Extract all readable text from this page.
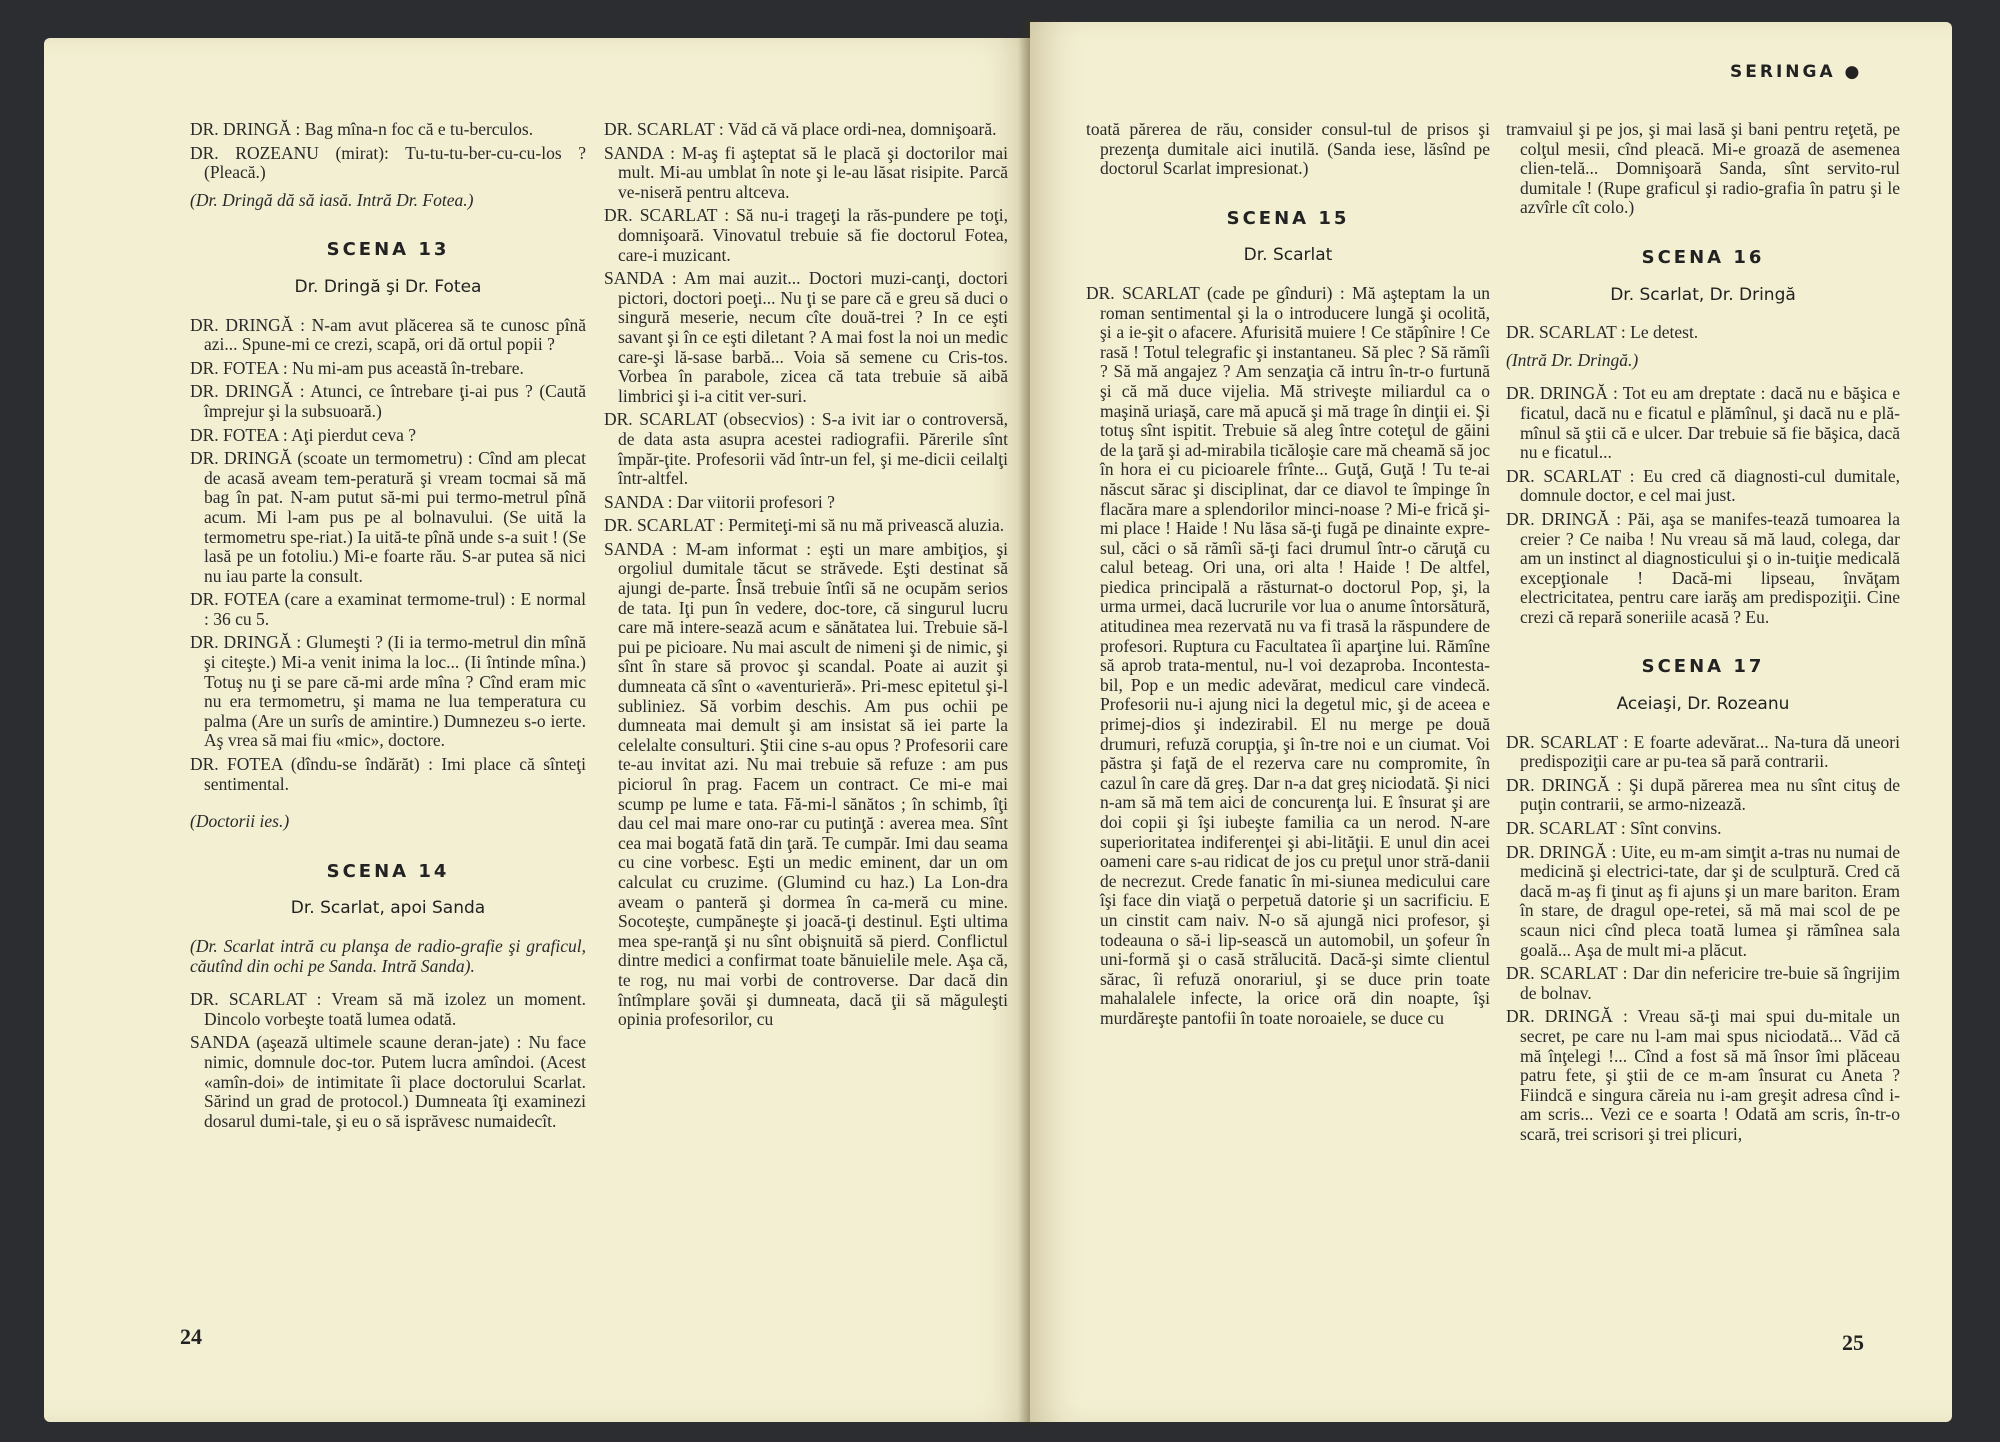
DR. DRINGĂ : Bag mîna-n foc că e tu-berculos.

DR. ROZEANU (mirat): Tu-tu-tu-ber-cu-cu-los ? (Pleacă.)

(Dr. Dringă dă să iasă. Intră Dr. Fotea.)

SCENA 13
Dr. Dringă şi Dr. Fotea

DR. DRINGĂ : N-am avut plăcerea să te cunosc pînă azi... Spune-mi ce crezi, scapă, ori dă ortul popii ?

DR. FOTEA : Nu mi-am pus această în-trebare.

DR. DRINGĂ : Atunci, ce întrebare ţi-ai pus ? (Caută împrejur şi la subsuoară.)

DR. FOTEA : Aţi pierdut ceva ?

DR. DRINGĂ (scoate un termometru) : Cînd am plecat de acasă aveam tem-peratură şi vream tocmai să mă bag în pat. N-am putut să-mi pui termo-metrul pînă acum. Mi l-am pus pe al bolnavului. (Se uită la termometru spe-riat.) Ia uită-te pînă unde s-a suit ! (Se lasă pe un fotoliu.) Mi-e foarte rău. S-ar putea să nici nu iau parte la consult.

DR. FOTEA (care a examinat termome-trul) : E normal : 36 cu 5.

DR. DRINGĂ : Glumeşti ? (Ii ia termo-metrul din mînă şi citeşte.) Mi-a venit inima la loc... (Ii întinde mîna.) Totuş nu ţi se pare că-mi arde mîna ? Cînd eram mic nu era termometru, şi mama ne lua temperatura cu palma (Are un surîs de amintire.) Dumnezeu s-o ierte. Aş vrea să mai fiu «mic», doctore.

DR. FOTEA (dîndu-se îndărăt) : Imi place că sînteţi sentimental.

(Doctorii ies.)

SCENA 14
Dr. Scarlat, apoi Sanda

(Dr. Scarlat intră cu planşa de radio-grafie şi graficul, căutînd din ochi pe Sanda. Intră Sanda).

DR. SCARLAT : Vream să mă izolez un moment. Dincolo vorbeşte toată lumea odată.

SANDA (aşează ultimele scaune deran-jate) : Nu face nimic, domnule doc-tor. Putem lucra amîndoi. (Acest «amîn-doi» de intimitate îi place doctorului Scarlat. Sărind un grad de protocol.) Dumneata îţi examinezi dosarul dumi-tale, şi eu o să isprăvesc numaidecît.

DR. SCARLAT : Văd că vă place ordi-nea, domnişoară.

SANDA : M-aş fi aşteptat să le placă şi doctorilor mai mult. Mi-au umblat în note şi le-au lăsat risipite. Parcă ve-niseră pentru altceva.

DR. SCARLAT : Să nu-i trageţi la răs-pundere pe toţi, domnişoară. Vinovatul trebuie să fie doctorul Fotea, care-i muzicant.

SANDA : Am mai auzit... Doctori muzi-canţi, doctori pictori, doctori poeţi... Nu ţi se pare că e greu să duci o singură meserie, necum cîte două-trei ? In ce eşti savant şi în ce eşti diletant ? A mai fost la noi un medic care-şi lă-sase barbă... Voia să semene cu Cris-tos. Vorbea în parabole, zicea că tata trebuie să aibă limbrici şi i-a citit ver-suri.

DR. SCARLAT (obsecvios) : S-a ivit iar o controversă, de data asta asupra acestei radiografii. Părerile sînt împăr-ţite. Profesorii văd într-un fel, şi me-dicii ceilalţi într-altfel.

SANDA : Dar viitorii profesori ?

DR. SCARLAT : Permiteţi-mi să nu mă privească aluzia.

SANDA : M-am informat : eşti un mare ambiţios, şi orgoliul dumitale tăcut se străvede. Eşti destinat să ajungi de-parte. Însă trebuie întîi să ne ocupăm serios de tata. Iţi pun în vedere, doc-tore, că singurul lucru care mă intere-sează acum e sănătatea lui. Trebuie să-l pui pe picioare. Nu mai ascult de nimeni şi de nimic, şi sînt în stare să provoc şi scandal. Poate ai auzit şi dumneata că sînt o «aventurieră». Pri-mesc epitetul şi-l subliniez. Să vorbim deschis. Am pus ochii pe dumneata mai demult şi am insistat să iei parte la celelalte consulturi. Ştii cine s-au opus ? Profesorii care te-au invitat azi. Nu mai trebuie să refuze : am pus piciorul în prag. Facem un contract. Ce mi-e mai scump pe lume e tata. Fă-mi-l sănătos ; în schimb, îţi dau cel mai mare ono-rar cu putinţă : averea mea. Sînt cea mai bogată fată din ţară. Te cumpăr. Imi dau seama cu cine vorbesc. Eşti un medic eminent, dar un om calculat cu cruzime. (Glumind cu haz.) La Lon-dra aveam o panteră şi dormea în ca-meră cu mine. Socoteşte, cumpăneşte şi joacă-ţi destinul. Eşti ultima mea spe-ranţă şi nu sînt obişnuită să pierd. Conflictul dintre medici a confirmat toate bănuielile mele. Aşa că, te rog, nu mai vorbi de controverse. Dar dacă din întîmplare şovăi şi dumneata, dacă ţii să măguleşti opinia profesorilor, cu

24
SERINGA ●

toată părerea de rău, consider consul-tul de prisos şi prezenţa dumitale aici inutilă. (Sanda iese, lăsînd pe doctorul Scarlat impresionat.)

SCENA 15
Dr. Scarlat

DR. SCARLAT (cade pe gînduri) : Mă aşteptam la un roman sentimental şi la o introducere lungă şi ocolită, şi a ie-şit o afacere. Afurisită muiere ! Ce stăpînire ! Ce rasă ! Totul telegrafic şi instantaneu. Să plec ? Să rămîi ? Să mă angajez ? Am senzaţia că intru în-tr-o furtună şi că mă duce vijelia. Mă striveşte miliardul ca o maşină uriaşă, care mă apucă şi mă trage în dinţii ei. Şi totuş sînt ispitit. Trebuie să aleg între coteţul de găini de la ţară şi ad-mirabila ticăloşie care mă cheamă să joc în hora ei cu picioarele frînte... Guţă, Guţă ! Tu te-ai născut sărac şi disciplinat, dar ce diavol te împinge în flacăra mare a splendorilor minci-noase ? Mi-e frică şi-mi place ! Haide ! Nu lăsa să-ţi fugă pe dinainte expre-sul, căci o să rămîi să-ţi faci drumul într-o căruţă cu calul beteag. Ori una, ori alta ! Haide ! De altfel, piedica principală a răsturnat-o doctorul Pop, şi, la urma urmei, dacă lucrurile vor lua o anume întorsătură, atitudinea mea rezervată nu va fi trasă la răspundere de profesori. Ruptura cu Facultatea îi aparţine lui. Rămîne să aprob trata-mentul, nu-l voi dezaproba. Incontesta-bil, Pop e un medic adevărat, medicul care vindecă. Profesorii nu-i ajung nici la degetul mic, şi de aceea e primej-dios şi indezirabil. El nu merge pe două drumuri, refuză corupţia, şi în-tre noi e un ciumat. Voi păstra şi faţă de el rezerva care nu compromite, în cazul în care dă greş. Dar n-a dat greş niciodată. Şi nici n-am să mă tem aici de concurenţa lui. E însurat şi are doi copii şi îşi iubeşte familia ca un nerod. N-are superioritatea indiferenţei şi abi-lităţii. E unul din acei oameni care s-au ridicat de jos cu preţul unor stră-danii de necrezut. Crede fanatic în mi-siunea medicului care îşi face din viaţă o perpetuă datorie şi un sacrificiu. E un cinstit cam naiv. N-o să ajungă nici profesor, şi todeauna o să-i lip-sească un automobil, un şofeur în uni-formă şi o casă strălucită. Dacă-şi simte clientul sărac, îi refuză onorariul, şi se duce prin toate mahalalele infecte, la orice oră din noapte, îşi murdăreşte pantofii în toate noroaiele, se duce cu

tramvaiul şi pe jos, şi mai lasă şi bani pentru reţetă, pe colţul mesii, cînd pleacă. Mi-e groază de asemenea clien-telă... Domnişoară Sanda, sînt servito-rul dumitale ! (Rupe graficul şi radio-grafia în patru şi le azvîrle cît colo.)

SCENA 16
Dr. Scarlat, Dr. Dringă

DR. SCARLAT : Le detest.

(Intră Dr. Dringă.)

DR. DRINGĂ : Tot eu am dreptate : dacă nu e băşica e ficatul, dacă nu e ficatul e plămînul, şi dacă nu e plă-mînul să ştii că e ulcer. Dar trebuie să fie băşica, dacă nu e ficatul...

DR. SCARLAT : Eu cred că diagnosti-cul dumitale, domnule doctor, e cel mai just.

DR. DRINGĂ : Păi, aşa se manifes-tează tumoarea la creier ? Ce naiba ! Nu vreau să mă laud, colega, dar am un instinct al diagnosticului şi o in-tuiţie medicală excepţionale ! Dacă-mi lipseau, învăţam electricitatea, pentru care iarăş am predispoziţii. Cine crezi că repară soneriile acasă ? Eu.

SCENA 17
Aceiaşi, Dr. Rozeanu

DR. SCARLAT : E foarte adevărat... Na-tura dă uneori predispoziţii care ar pu-tea să pară contrarii.

DR. DRINGĂ : Şi după părerea mea nu sînt cituş de puţin contrarii, se armo-nizează.

DR. SCARLAT : Sînt convins.

DR. DRINGĂ : Uite, eu m-am simţit a-tras nu numai de medicină şi electrici-tate, dar şi de sculptură. Cred că dacă m-aş fi ţinut aş fi ajuns şi un mare bariton. Eram în stare, de dragul ope-retei, să mă mai scol de pe scaun nici cînd pleca toată lumea şi rămînea sala goală... Aşa de mult mi-a plăcut.

DR. SCARLAT : Dar din nefericire tre-buie să îngrijim de bolnav.

DR. DRINGĂ : Vreau să-ţi mai spui du-mitale un secret, pe care nu l-am mai spus niciodată... Văd că mă înţelegi !... Cînd a fost să mă însor îmi plăceau patru fete, şi ştii de ce m-am însurat cu Aneta ? Fiindcă e singura căreia nu i-am greşit adresa cînd i-am scris... Vezi ce e soarta ! Odată am scris, în-tr-o scară, trei scrisori şi trei plicuri,

25
